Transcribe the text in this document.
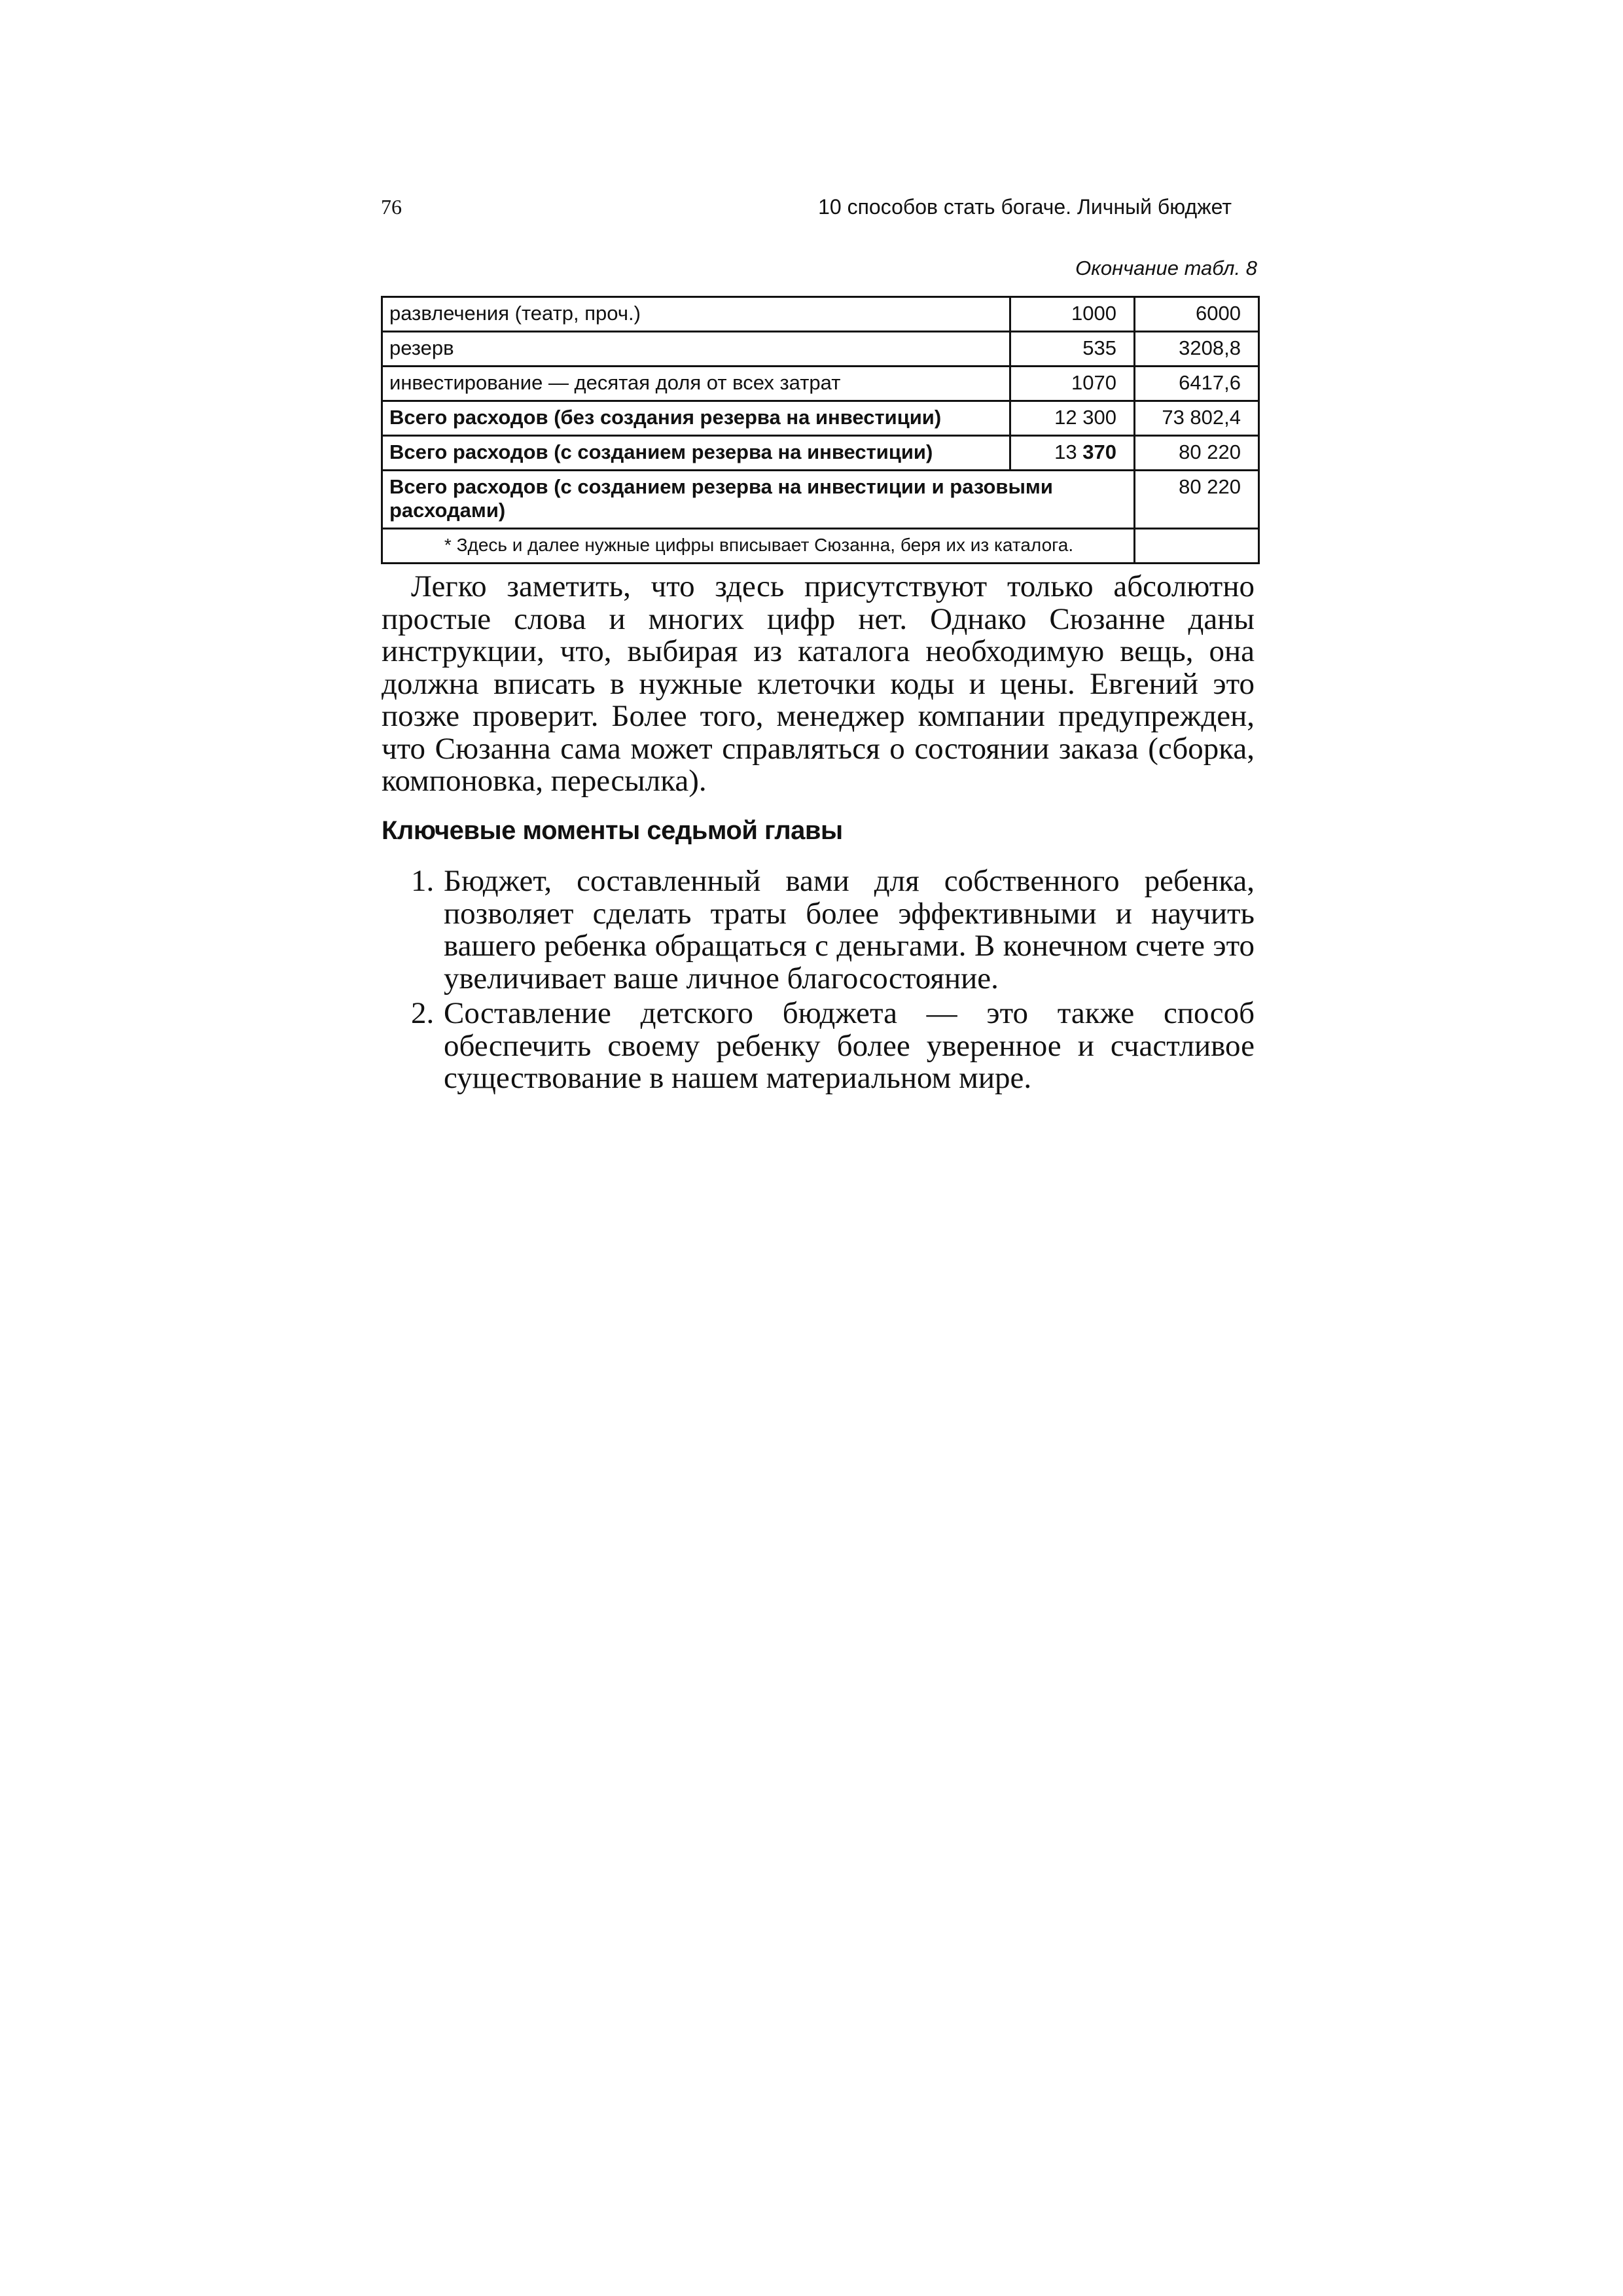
76	10 способов стать богаче. Личный бюджет
Окончание табл. 8
развлечения (театр, проч.)	1000	6000
резерв	535	3208,8
инвестирование — десятая доля от всех затрат	1070	6417,6
Всего расходов (без создания резерва на инвестиции)	12 300	73 802,4
Всего расходов (с созданием резерва на инвестиции)	13 370	80 220
Всего расходов (с созданием резерва на инвестиции и разовыми расходами)		80 220
* Здесь и далее нужные цифры вписывает Сюзанна, беря их из каталога.		

Легко заметить, что здесь присутствуют только абсолютно простые слова и многих цифр нет. Однако Сюзанне даны инструкции, что, выбирая из каталога необходимую вещь, она должна вписать в нужные клеточки коды и цены. Евгений это позже проверит. Более того, менеджер компании предупрежден, что Сюзанна сама может справляться о состоянии заказа (сборка, компоновка, пересылка).

Ключевые моменты седьмой главы
1. Бюджет, составленный вами для собственного ребенка, позволяет сделать траты более эффективными и научить вашего ребенка обращаться с деньгами. В конечном счете это увеличивает ваше личное благосостояние.
2. Составление детского бюджета — это также способ обеспечить своему ребенку более уверенное и счастливое существование в нашем материальном мире.
